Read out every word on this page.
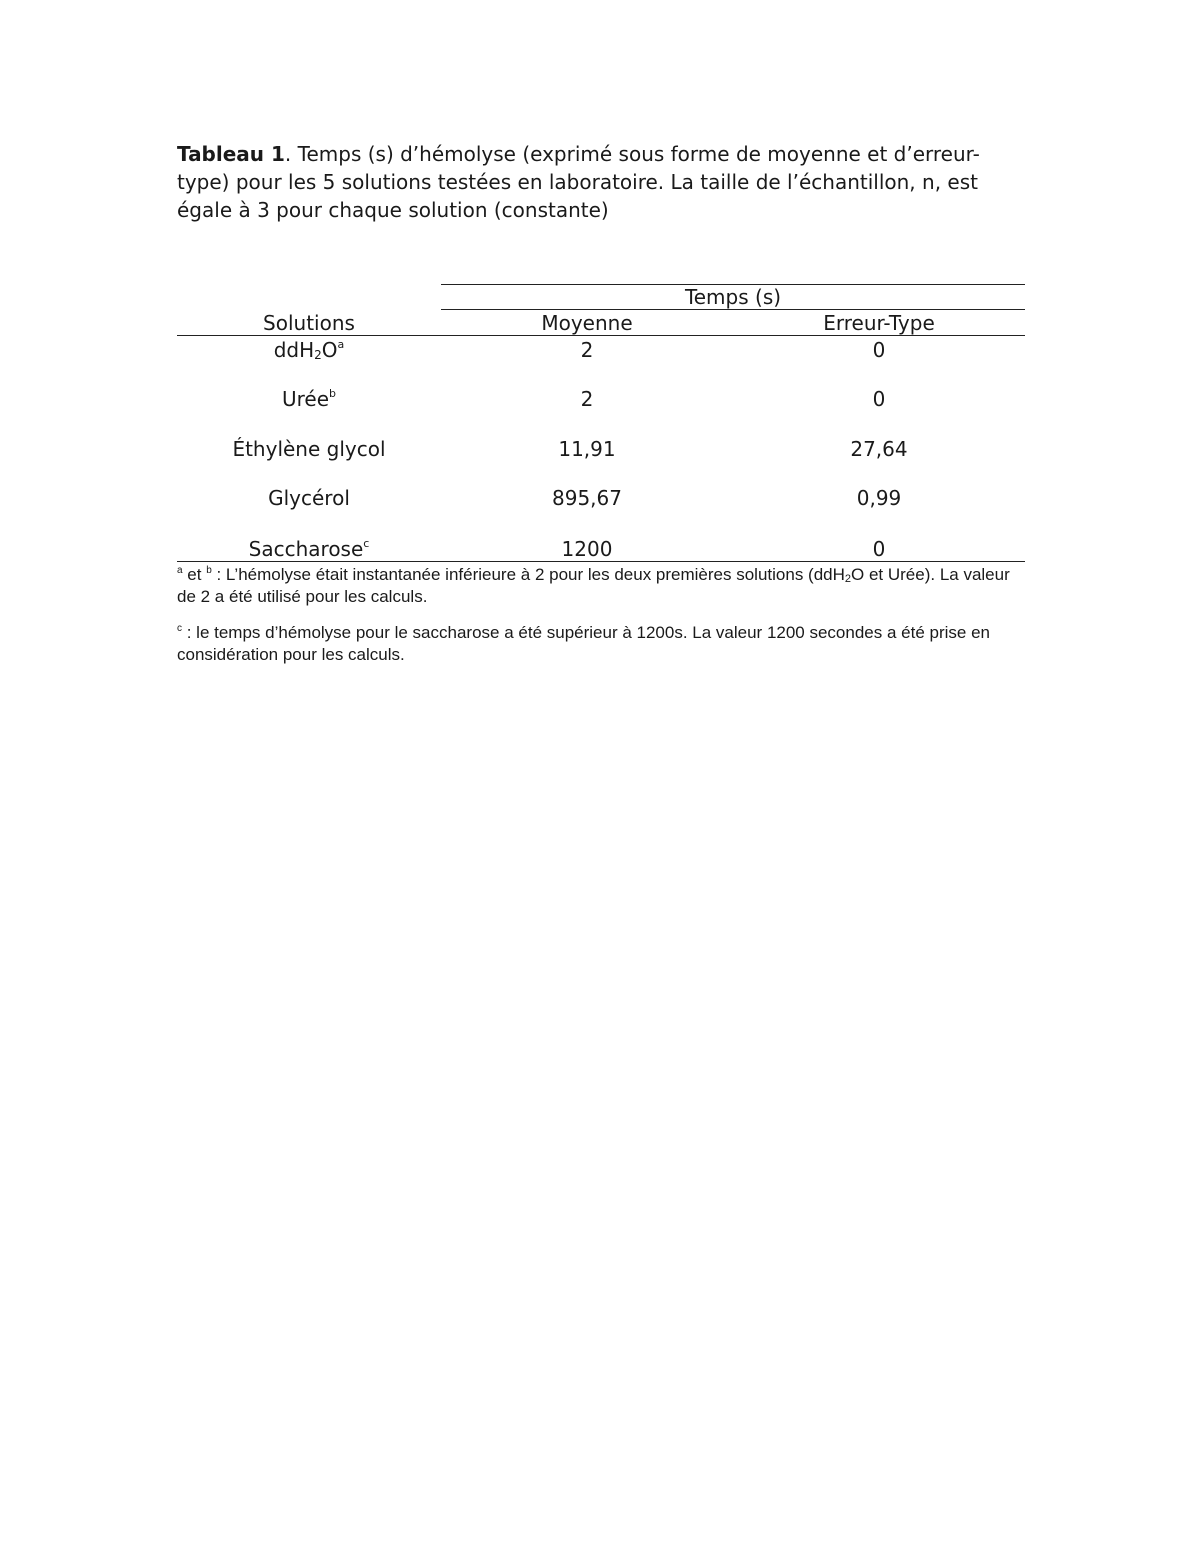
Tableau 1. Temps (s) d’hémolyse (exprimé sous forme de moyenne et d’erreur-type) pour les 5 solutions testées en laboratoire. La taille de l’échantillon, n, est égale à 3 pour chaque solution (constante)

Temps (s)
Solutions	Moyenne	Erreur-Type
$ddH_2O^a$	2	0
Urée$^b$	2	0
Éthylène glycol	11,91	27,64
Glycérol	895,67	0,99
Saccharose$^c$	1200	0

$^a$ et $^b$ : L’hémolyse était instantanée inférieure à 2 pour les deux premières solutions (ddH$_2$O et Urée). La valeur de 2 a été utilisé pour les calculs.

$^c$ : le temps d’hémolyse pour le saccharose a été supérieur à 1200s. La valeur 1200 secondes a été prise en considération pour les calculs.
